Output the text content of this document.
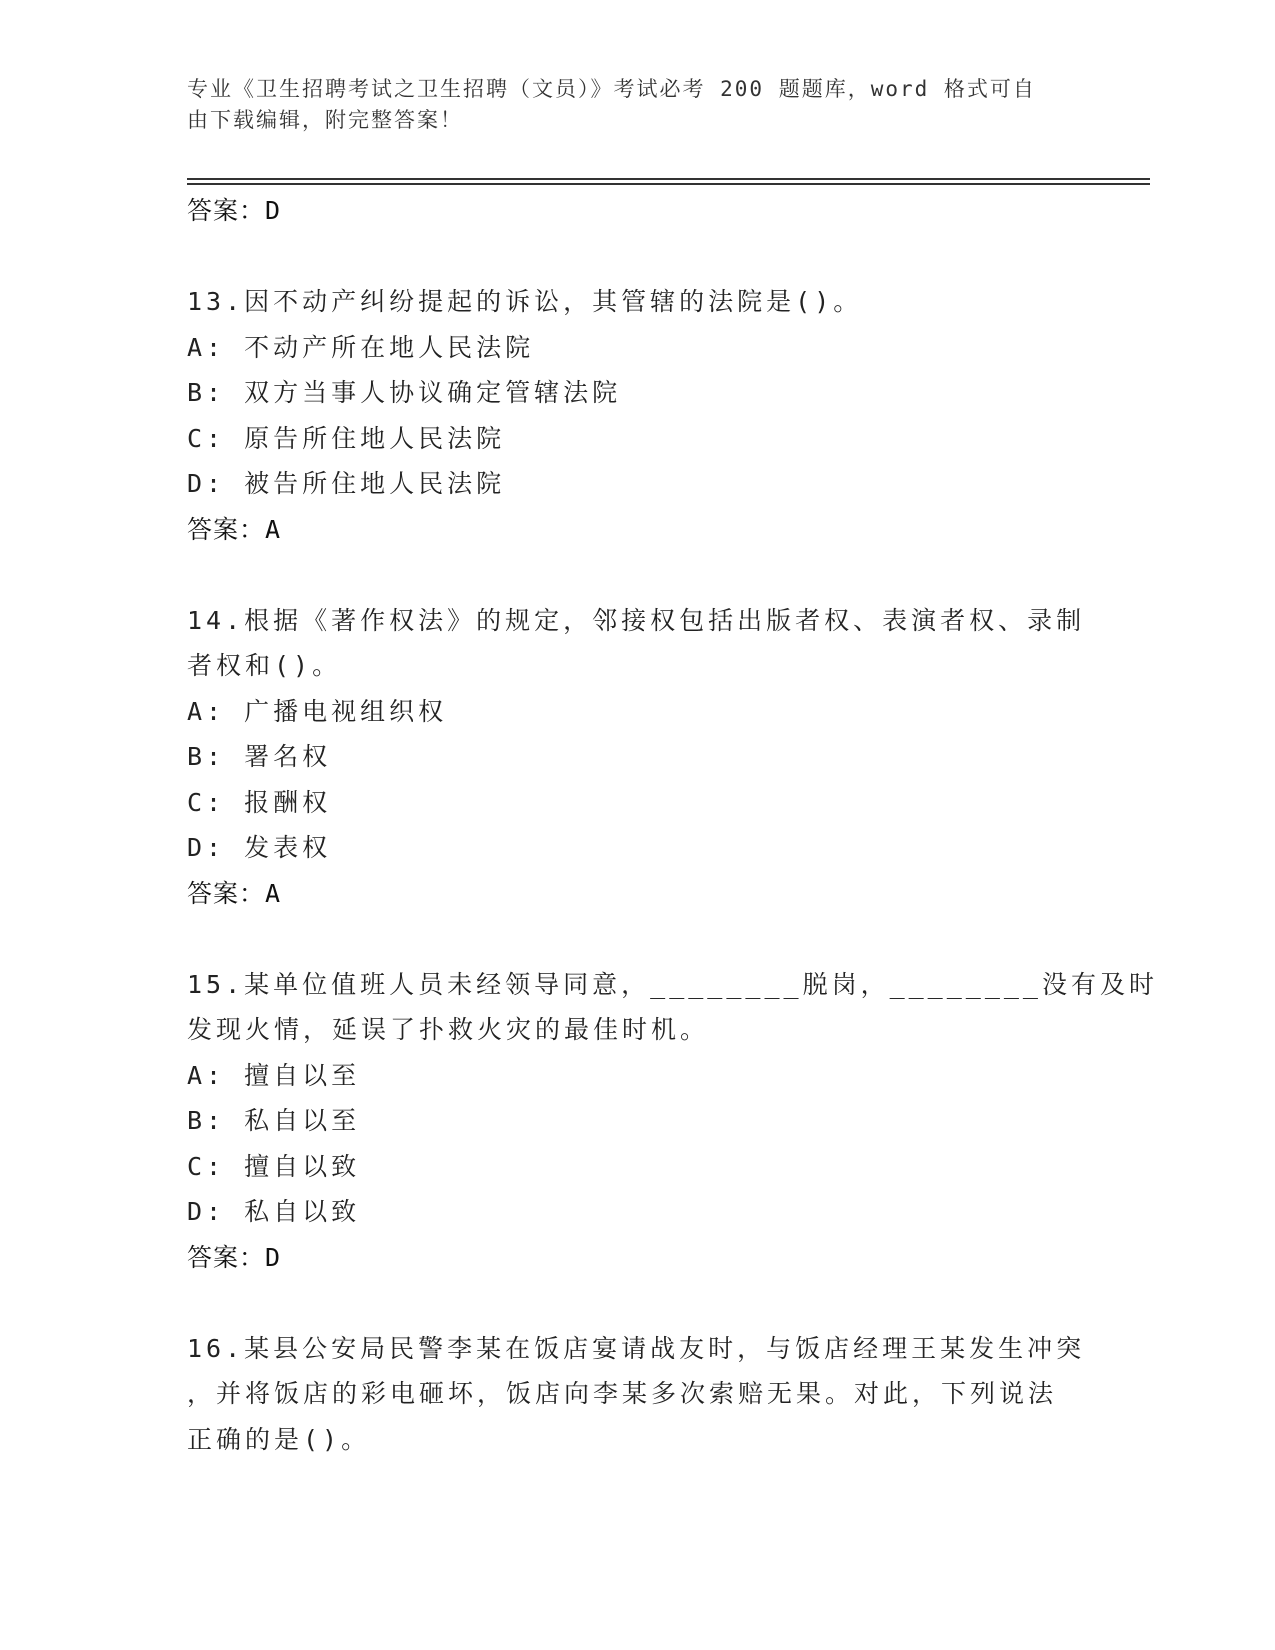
专业《卫生招聘考试之卫生招聘（文员）》考试必考 200 题题库，word 格式可自
由下载编辑，附完整答案！
答案：D
13.因不动产纠纷提起的诉讼，其管辖的法院是()。
A: 不动产所在地人民法院
B: 双方当事人协议确定管辖法院
C: 原告所住地人民法院
D: 被告所住地人民法院
答案：A
14.根据《著作权法》的规定，邻接权包括出版者权、表演者权、录制
者权和()。
A: 广播电视组织权
B: 署名权
C: 报酬权
D: 发表权
答案：A
15.某单位值班人员未经领导同意，________脱岗，________没有及时
发现火情，延误了扑救火灾的最佳时机。
A: 擅自以至
B: 私自以至
C: 擅自以致
D: 私自以致
答案：D
16.某县公安局民警李某在饭店宴请战友时，与饭店经理王某发生冲突
，并将饭店的彩电砸坏，饭店向李某多次索赔无果。对此，下列说法
正确的是()。
